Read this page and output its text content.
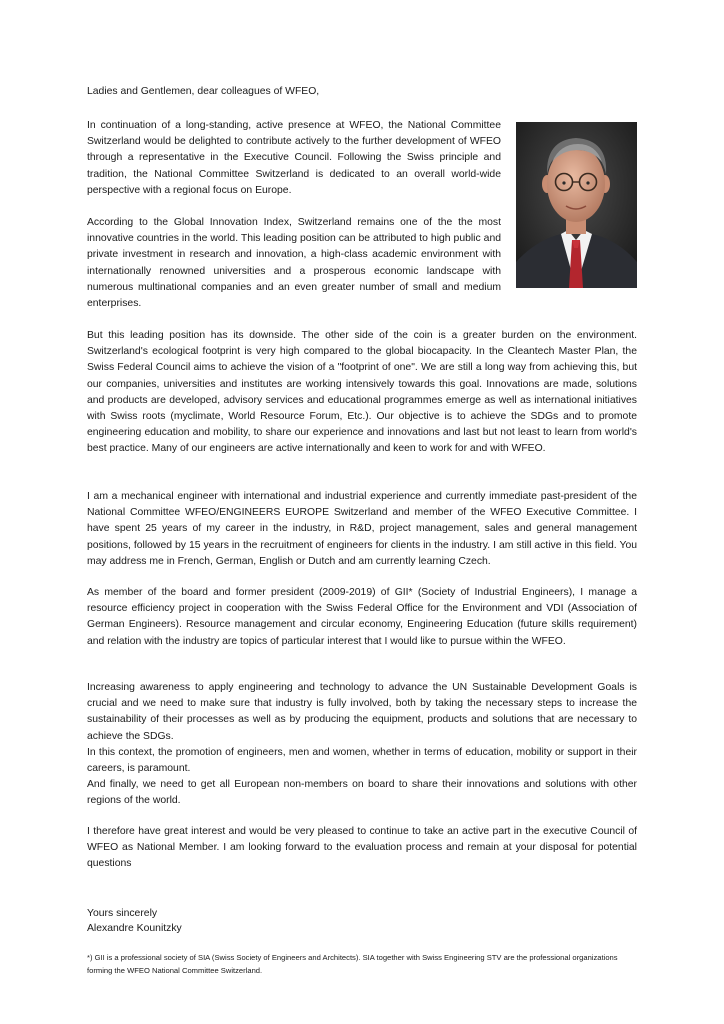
Ladies and Gentlemen, dear colleagues of WFEO,

In continuation of a long-standing, active presence at WFEO, the National Committee Switzerland would be delighted to contribute actively to the further development of WFEO through a representative in the Executive Council. Following the Swiss principle and tradition, the National Committee Switzerland is dedicated to an overall world-wide perspective with a regional focus on Europe.

According to the Global Innovation Index, Switzerland remains one of the the most innovative countries in the world. This leading position can be attributed to high public and private investment in research and innovation, a high-class academic environment with internationally renowned universities and a prosperous economic landscape with numerous multinational companies and an even greater number of small and medium enterprises.

But this leading position has its downside. The other side of the coin is a greater burden on the environment. Switzerland's ecological footprint is very high compared to the global biocapacity. In the Cleantech Master Plan, the Swiss Federal Council aims to achieve the vision of a "footprint of one". We are still a long way from achieving this, but our companies, universities and institutes are working intensively towards this goal. Innovations are made, solutions and products are developed, advisory services and educational programmes emerge as well as international initiatives with Swiss roots (myclimate, World Resource Forum, Etc.). Our objective is to achieve the SDGs and to promote engineering education and mobility, to share our experience and innovations and last but not least to learn from world's best practice. Many of our engineers are active internationally and keen to work for and with WFEO.

I am a mechanical engineer with international and industrial experience and currently immediate past-president of the National Committee WFEO/ENGINEERS EUROPE Switzerland and member of the WFEO Executive Committee. I have spent 25 years of my career in the industry, in R&D, project management, sales and general management positions, followed by 15 years in the recruitment of engineers for clients in the industry. I am still active in this field. You may address me in French, German, English or Dutch and am currently learning Czech.

As member of the board and former president (2009-2019) of GII* (Society of Industrial Engineers), I manage a resource efficiency project in cooperation with the Swiss Federal Office for the Environment and VDI (Association of German Engineers). Resource management and circular economy, Engineering Education (future skills requirement) and relation with the industry are topics of particular interest that I would like to pursue within the WFEO.

Increasing awareness to apply engineering and technology to advance the UN Sustainable Development Goals is crucial and we need to make sure that industry is fully involved, both by taking the necessary steps to increase the sustainability of their processes as well as by producing the equipment, products and solutions that are necessary to achieve the SDGs.

In this context, the promotion of engineers, men and women, whether in terms of education, mobility or support in their careers, is paramount.

And finally, we need to get all European non-members on board to share their innovations and solutions with other regions of the world.

I therefore have great interest and would be very pleased to continue to take an active part in the executive Council of WFEO as National Member. I am looking forward to the evaluation process and remain at your disposal for potential questions

Yours sincerely

Alexandre Kounitzky

*) GII is a professional society of SIA (Swiss Society of Engineers and Architects). SIA together with Swiss Engineering STV are the professional organizations forming the WFEO National Committee Switzerland.
